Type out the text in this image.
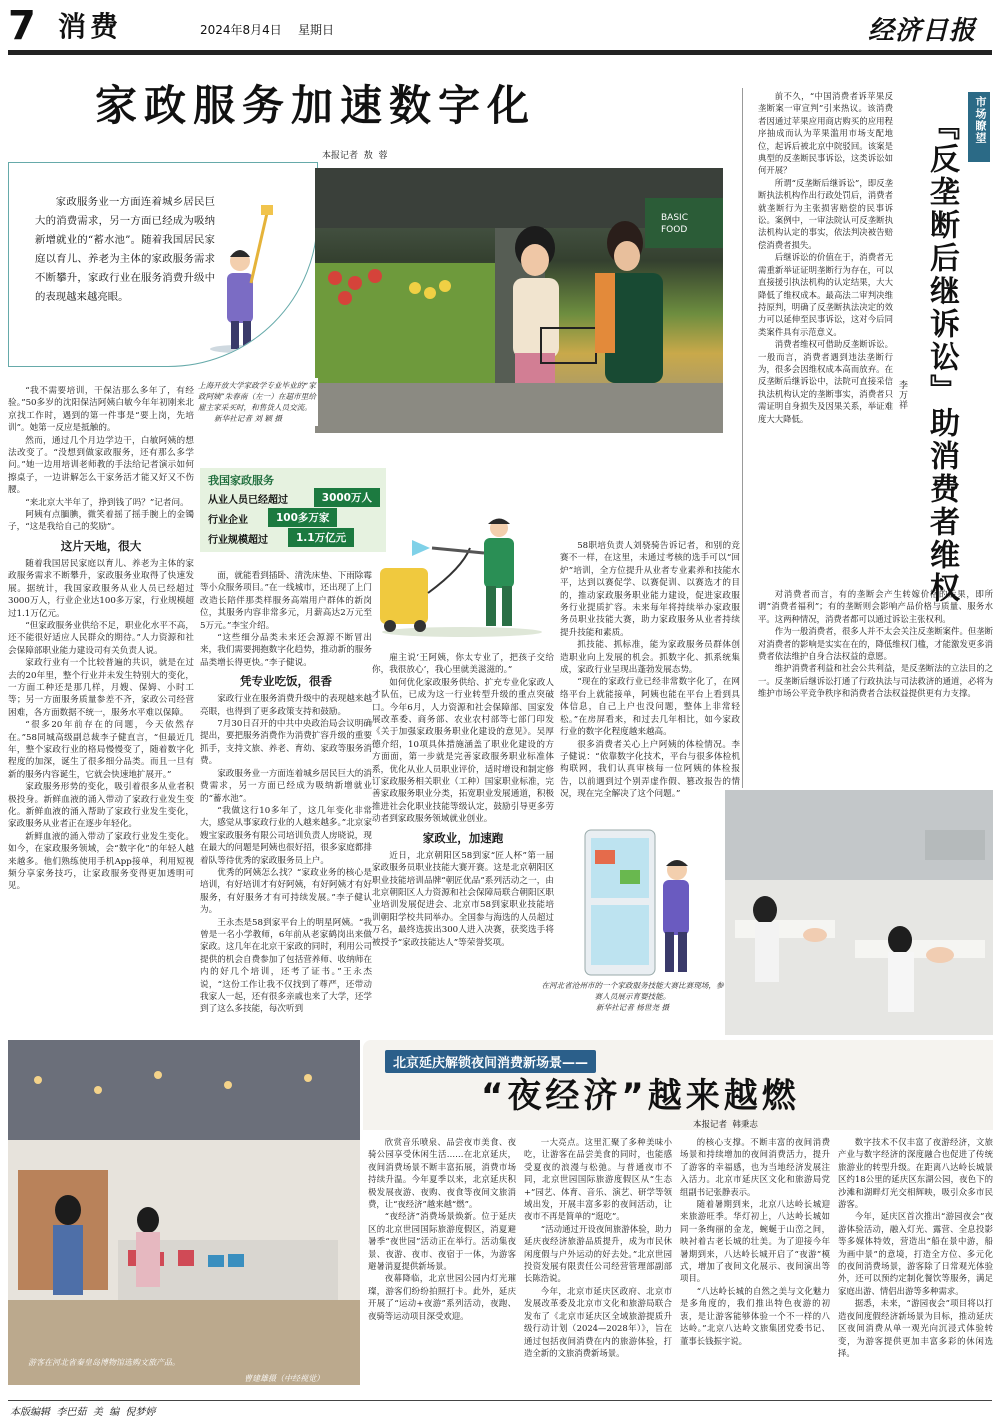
7 消费	2024年8月4日 星期日	经济日报
家政服务加速数字化
本报记者  敖  蓉
家政服务业一方面连着城乡居民巨大的消费需求，另一方面已经成为吸纳新增就业的“蓄水池”。随着我国居民家庭以育儿、养老为主体的家政服务需求不断攀升，家政行业在服务消费升级中的表现越来越亮眼。
BASIC
FOOD
上海开放大学家政学专业毕业的“家政阿姨”朱春南（左一）在超市里给雇主家采买时，和售货人员交流。
新华社记者 刘 颖 摄
我国家政服务
从业人员已经超过	3000万人
行业企业	100多万家
行业规模超过	1.1万亿元

“我不需要培训，干保洁那么多年了，有经验。”50多岁的沈阳保洁阿姨白敏今年年初刚来北京找工作时，遇到的第一件事是“要上岗，先培训”。她第一反应是抵触的。

然而，通过几个月边学边干，白敏阿姨的想法改变了。“没想到做家政服务，还有那么多学问。”她一边用培训老师教的手法给记者演示如何擦桌子，一边讲解怎么干家务活才能又好又不伤腰。

“来北京大半年了，挣到钱了吗？”记者问。

阿姨有点腼腆，微笑着摇了摇手腕上的金镯子，“这是我给自己的奖励”。

这片天地，很大

随着我国居民家庭以育儿、养老为主体的家政服务需求不断攀升，家政服务业取得了快速发展。据统计，我国家政服务从业人员已经超过3000万人，行业企业达100多万家，行业规模超过1.1万亿元。

“但家政服务业供给不足，职业化水平不高，还不能很好适应人民群众的期待。”人力资源和社会保障部职业能力建设司有关负责人说。

家政行业有一个比较普遍的共识，就是在过去的20年里，整个行业并未发生特别大的变化，一方面工种还是那几样，月嫂、保姆、小时工等；另一方面服务质量参差不齐，家政公司经营困难，各方面数据不统一，服务水平难以保障。

“很多20年前存在的问题，今天依然存在。”58同城高级副总裁李子健直言，“但最近几年，整个家政行业的格局慢慢变了，随着数字化程度的加深，诞生了很多细分品类。而且一旦有新的服务内容诞生，它就会快速地扩展开。”

家政服务形势的变化，吸引着很多从业者积极投身。新鲜血液的涌入带动了家政行业发生变化。新鲜血液的涌入帮助了家政行业发生变化，家政服务从业者正在逐步年轻化。

新鲜血液的涌入带动了家政行业发生变化。如今，在家政服务领域，会“数字化”的年轻人越来越多。他们熟练使用手机App接单，利用短视频分享家务技巧，让家政服务变得更加透明可见。

面，就能看到插卧、清洗床垫、下雨除霉等小众服务项目。”在一线城市，还出现了上门改造长陪伴那类样服务高端用户群体的新岗位，其服务内容非常多元，月薪高达2万元至5万元。”李宝介绍。

“这些细分品类未来还会源源不断冒出来，我们需要拥抱数字化趋势，推动新的服务品类增长得更快。”李子健说。

凭专业吃饭，很香

家政行业在服务消费升级中的表现越来越亮眼，也得到了更多政策支持和鼓励。

7月30日召开的中共中央政治局会议明确提出，要把服务消费作为消费扩容升级的重要抓手，支持文旅、养老、育幼、家政等服务消费。

家政服务业一方面连着城乡居民巨大的消费需求，另一方面已经成为吸纳新增就业的“蓄水池”。

“我做这行10多年了，这几年变化非常大，感觉从事家政行业的人越来越多。”北京家嫂宝家政服务有限公司培训负责人房晓说，现在最大的问题是阿姨也很好招，很多家庭都排着队等待优秀的家政服务员上户。

优秀的阿姨怎么找？“家政业务的核心是培训，有好培训才有好阿姨，有好阿姨才有好服务，有好服务才有可持续发展。”李子健认为。

王永杰是58到家平台上的明星阿姨。“我曾是一名小学教师，6年前从老家鹤岗出来做家政。这几年在北京干家政的同时，利用公司提供的机会自费参加了包括营养师、收纳师在内的好几个培训，还考了证书。”王永杰说，“这份工作让我不仅找到了尊严，还带动我家人一起，还有很多亲戚也来了大学，还学到了这么多技能，每次听到

雇主说‘王阿姨，你太专业了，把孩子交给你，我很放心’，我心里就美滋滋的。”

如何优化家政服务供给、扩充专业化家政人才队伍，已成为这一行业转型升级的重点突破口。今年6月，人力资源和社会保障部、国家发展改革委、商务部、农业农村部等七部门印发《关于加强家政服务职业化建设的意见》。吴厚德介绍，10项具体措施涵盖了职业化建设的方方面面，第一步就是完善家政服务职业标准体系，优化从业人员职业评价，适时增设和制定修订家政服务相关职业（工种）国家职业标准，完善家政服务职业分类，拓宽职业发展通道，积极推进社会化职业技能等级认定，鼓励引导更多劳动者到家政服务领域就业创业。

家政业，加速跑

近日，北京朝阳区58到家“匠人杯”第一届家政服务员职业技能大赛开赛。这是北京朝阳区职业技能培训品牌“朝匠优品”系列活动之一，由北京朝阳区人力资源和社会保障局联合朝阳区职业培训发展促进会、北京市58到家职业技能培训朝阳学校共同举办。全国参与海选的人员超过万名，最终选拔出300人进入决赛，获奖选手将被授予“家政技能达人”等荣誉奖项。

58职培负责人刘骁骑告诉记者，和别的竞赛不一样，在这里，未通过考核的选手可以“回炉”培训，全方位提升从业者专业素养和技能水平，达到以赛促学、以赛促训、以赛选才的目的，推动家政服务职业能力建设，促进家政服务行业提质扩容。未来每年将持续举办家政服务员职业技能大赛，助力家政服务从业者持续提升技能和素质。

抓技能、抓标准，能为家政服务员群体创造职业向上发展的机会。抓数字化、抓系统集成，家政行业呈现出蓬勃发展态势。

“现在的家政行业已经非常数字化了，在网络平台上就能接单，阿姨也能在平台上看到具体信息，自己上户也没问题，整体上非常轻松。”在房屏看来，和过去几年相比，如今家政行业的数字化程度越来越高。

很多消费者关心上户阿姨的体检情况。李子健说：“依靠数字化技术，平台与很多体检机构联网，我们认真审核每一位阿姨的体检报告，以前遇到过个别弄虚作假、篡改报告的情况，现在完全解决了这个问题。”

在河北省沧州市的一个家政服务技能大赛比赛现场，参赛人员展示育婴技能。
新华社记者 杨世尧 摄
市场瞭望
『反垄断后继诉讼』助消费者维权
李万祥

前不久，“中国消费者诉苹果反垄断案一审宣判”引来热议。该消费者因通过苹果应用商店购买的应用程序抽成而认为苹果滥用市场支配地位，起诉后被北京中院驳回。该案是典型的反垄断民事诉讼，这类诉讼如何开展？

所谓“反垄断后继诉讼”，即反垄断执法机构作出行政处罚后，消费者就垄断行为主张损害赔偿的民事诉讼。案例中，一审法院认可反垄断执法机构认定的事实，依法判决被告赔偿消费者损失。

后继诉讼的价值在于，消费者无需重新举证证明垄断行为存在，可以直接援引执法机构的认定结果，大大降低了维权成本。最高法二审判决维持原判，明确了反垄断执法决定的效力可以延伸至民事诉讼，这对今后同类案件具有示范意义。

消费者维权可借助反垄断诉讼。一般而言，消费者遇到违法垄断行为，很多会因维权成本高而放弃。在反垄断后继诉讼中，法院可直接采信执法机构认定的垄断事实，消费者只需证明自身损失及因果关系，举证难度大大降低。

对消费者而言，有的垄断会产生转嫁价格的后果，即所谓“消费者福利”；有的垄断则会影响产品价格与质量、服务水平。这两种情况，消费者都可以通过诉讼主张权利。

作为一般消费者，很多人并不太会关注反垄断案件。但垄断对消费者的影响是实实在在的，降低维权门槛，才能激发更多消费者依法维护自身合法权益的意愿。

维护消费者利益和社会公共利益，是反垄断法的立法目的之一。反垄断后继诉讼打通了行政执法与司法救济的通道，必将为维护市场公平竞争秩序和消费者合法权益提供更有力支撑。

游客在河北省秦皇岛博物馆选购文旅产品。
曹建雄摄（中经视觉）
北京延庆解锁夜间消费新场景——
“夜经济”越来越燃
本报记者  韩秉志

欣赏音乐喷泉、品尝夜市美食、夜骑公园享受休闲生活……在北京延庆，夜间消费场景不断丰富拓展，消费市场持续升温。今年夏季以来，北京延庆积极发展夜游、夜购、夜食等夜间文旅消费，让“夜经济”越来越“燃”。

“夜经济”消费场景焕新。位于延庆区的北京世园国际旅游度假区，消夏避暑季“夜世园”活动正在举行。活动集夜景、夜游、夜市、夜宿于一体，为游客避暑消夏提供新场景。

夜幕降临，北京世园公园内灯光璀璨，游客们纷纷拍照打卡。此外，延庆开展了“运动+夜游”系列活动，夜跑、夜骑等运动项目深受欢迎。

一大亮点。这里汇聚了多种美味小吃，让游客在品尝美食的同时，也能感受夏夜的浪漫与松弛。与普通夜市不同，北京世园国际旅游度假区从“生态+”园艺、体育、音乐、演艺、研学等领域出发，开展丰富多彩的夜间活动，让夜市不再是简单的“逛吃”。

“活动通过开设夜间旅游体验，助力延庆夜经济旅游品质提升，成为市民休闲度假与户外运动的好去处。”北京世园投资发展有限责任公司经营管理部副部长陈浩说。

今年，北京市延庆区政府、北京市发展改革委及北京市文化和旅游局联合发布了《北京市延庆区全域旅游提质升级行动计划（2024—2028年）》，旨在通过包括夜间消费在内的旅游体验，打造全新的文旅消费新场景。

的核心支撑。不断丰富的夜间消费场景和持续增加的夜间消费活力，提升了游客的幸福感，也为当地经济发展注入活力。北京市延庆区文化和旅游局党组副书记张静表示。

随着暑期到来，北京八达岭长城迎来旅游旺季。华灯初上，八达岭长城如同一条绚丽的金龙，蜿蜒于山峦之间，映衬着古老长城的壮美。为了迎接今年暑期到来，八达岭长城开启了“夜游”模式，增加了夜间文化展示、夜间演出等项目。

“八达岭长城的自然之美与文化魅力是多角度的，我们推出特色夜游的初衷，是让游客能够体验一个不一样的八达岭。”北京八达岭文旅集团党委书记、董事长钱振宇说。

数字技术不仅丰富了夜游经济，文旅产业与数字经济的深度融合也促进了传统旅游业的转型升级。在距离八达岭长城景区约18公里的延庆区东湖公园，夜色下的沙滩和湖畔灯光交相辉映，吸引众多市民游客。

今年，延庆区首次推出“游园夜会”夜游体验活动，融入灯光、露营、全息投影等多媒体特效，营造出“船在景中游，船为画中景”的意境，打造全方位、多元化的夜间消费场景，游客除了日常观光体验外，还可以预约定制化餐饮等服务，满足家庭出游、情侣出游等多种需求。

据悉，未来，“游园夜会”项目将以打造夜间度假经济新场景为目标，推动延庆区夜间消费从单一观光向沉浸式体验转变，为游客提供更加丰富多彩的休闲选择。

本版编辑  李巴茹  美  编  倪梦婷
